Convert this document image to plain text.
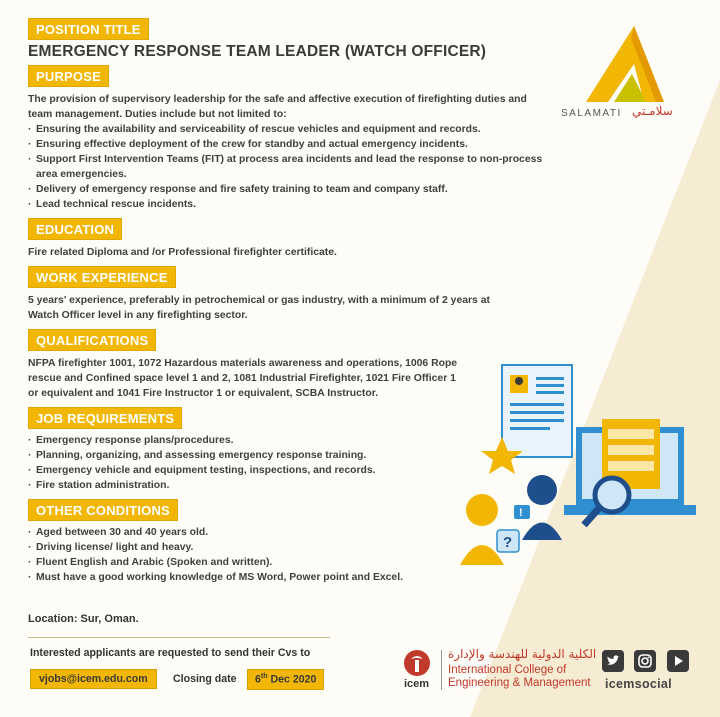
SALAMATI سلامـتي
POSITION TITLE
EMERGENCY RESPONSE TEAM LEADER (WATCH OFFICER)
PURPOSE
The provision of supervisory leadership for the safe and affective execution of firefighting duties and team management. Duties include but not limited to:
· Ensuring the availability and serviceability of rescue vehicles and equipment and records.
· Ensuring effective deployment of the crew for standby and actual emergency incidents.
· Support First Intervention Teams (FIT) at process area incidents and lead the response to non-process area emergencies.
· Delivery of emergency response and fire safety training to team and company staff.
· Lead technical rescue incidents.
EDUCATION
Fire related Diploma and /or Professional firefighter certificate.
WORK EXPERIENCE
5 years' experience, preferably in petrochemical or gas industry, with a minimum of 2 years at Watch Officer level in any firefighting sector.
QUALIFICATIONS
NFPA firefighter 1001, 1072 Hazardous materials awareness and operations, 1006 Rope rescue and Confined space level 1 and 2, 1081 Industrial Firefighter, 1021 Fire Officer 1 or equivalent and 1041 Fire Instructor 1 or equivalent, SCBA Instructor.
JOB REQUIREMENTS
· Emergency response plans/procedures.
· Planning, organizing, and assessing emergency response training.
· Emergency vehicle and equipment testing, inspections, and records.
· Fire station administration.
OTHER CONDITIONS
· Aged between 30 and 40 years old.
· Driving license/ light and heavy.
· Fluent English and Arabic (Spoken and written).
· Must have a good working knowledge of MS Word, Power point and Excel.
?
!
Location: Sur, Oman.
Interested applicants are requested to send their Cvs to
vjobs@icem.edu.com	Closing date	6th Dec 2020	icem
الكلية الدولية للهندسة والإدارة
International College of
Engineering & Management
icemsocial
